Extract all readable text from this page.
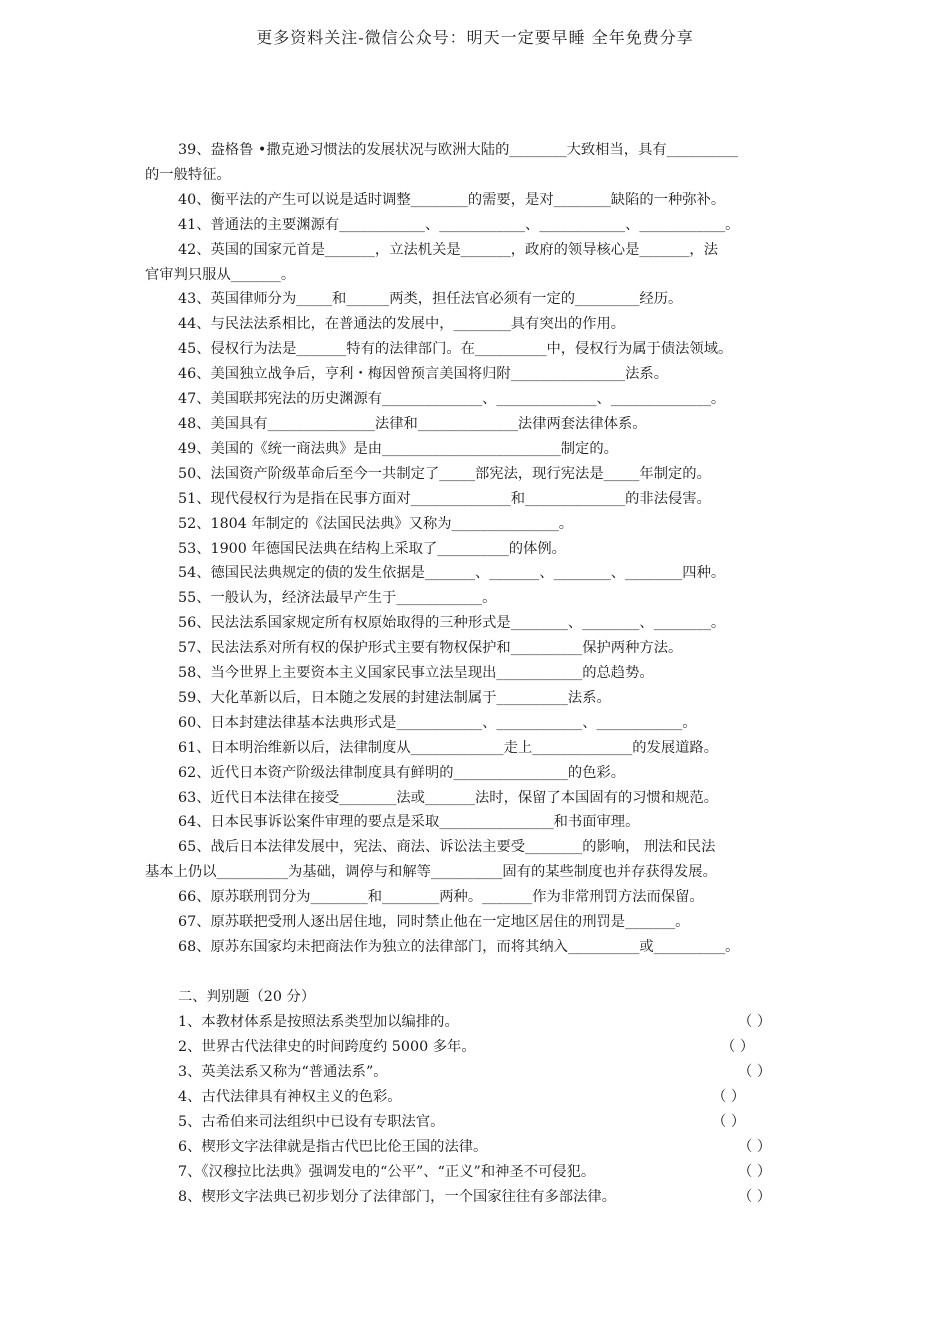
更多资料关注-微信公众号：明天一定要早睡 全年免费分享
39、盎格鲁 •撒克逊习惯法的发展状况与欧洲大陆的________大致相当，具有__________
的一般特征。
40、衡平法的产生可以说是适时调整________的需要，是对________缺陷的一种弥补。
41、普通法的主要渊源有____________、____________、____________、____________。
42、英国的国家元首是_______，立法机关是_______，政府的领导核心是_______，法
官审判只服从_______。
43、英国律师分为_____和______两类，担任法官必须有一定的_________经历。
44、与民法法系相比，在普通法的发展中，________具有突出的作用。
45、侵权行为法是_______特有的法律部门。在__________中，侵权行为属于债法领域。
46、美国独立战争后，亨利・梅因曾预言美国将归附________________法系。
47、美国联邦宪法的历史渊源有______________、______________、______________。
48、美国具有_______________法律和______________法律两套法律体系。
49、美国的《统一商法典》是由_________________________制定的。
50、法国资产阶级革命后至今一共制定了_____部宪法，现行宪法是_____年制定的。
51、现代侵权行为是指在民事方面对______________和______________的非法侵害。
52、1804 年制定的《法国民法典》又称为_______________。
53、1900 年德国民法典在结构上采取了__________的体例。
54、德国民法典规定的债的发生依据是_______、_______、________、________四种。
55、一般认为，经济法最早产生于____________。
56、民法法系国家规定所有权原始取得的三种形式是________、________、________。
57、民法法系对所有权的保护形式主要有物权保护和__________保护两种方法。
58、当今世界上主要资本主义国家民事立法呈现出____________的总趋势。
59、大化革新以后，日本随之发展的封建法制属于__________法系。
60、日本封建法律基本法典形式是____________、____________、____________。
61、日本明治维新以后，法律制度从_____________走上______________的发展道路。
62、近代日本资产阶级法律制度具有鲜明的________________的色彩。
63、近代日本法律在接受________法或_______法时，保留了本国固有的习惯和规范。
64、日本民事诉讼案件审理的要点是采取________________和书面审理。
65、战后日本法律发展中，宪法、商法、诉讼法主要受________的影响， 刑法和民法
基本上仍以__________为基础，调停与和解等__________固有的某些制度也并存获得发展。
66、原苏联刑罚分为________和________两种。_______作为非常刑罚方法而保留。
67、原苏联把受刑人逐出居住地，同时禁止他在一定地区居住的刑罚是_______。
68、原苏东国家均未把商法作为独立的法律部门，而将其纳入__________或__________。
二、判别题（20 分）
1、本教材体系是按照法系类型加以编排的。	（ ）
2、世界古代法律史的时间跨度约 5000 多年。	（ ）
3、英美法系又称为“普通法系”。	（ ）
4、古代法律具有神权主义的色彩。	（ ）
5、古希伯来司法组织中已设有专职法官。	（ ）
6、楔形文字法律就是指古代巴比伦王国的法律。	（ ）
7、《汉穆拉比法典》强调发电的“公平”、“正义”和神圣不可侵犯。	（ ）
8、楔形文字法典已初步划分了法律部门，一个国家往往有多部法律。	（ ）
